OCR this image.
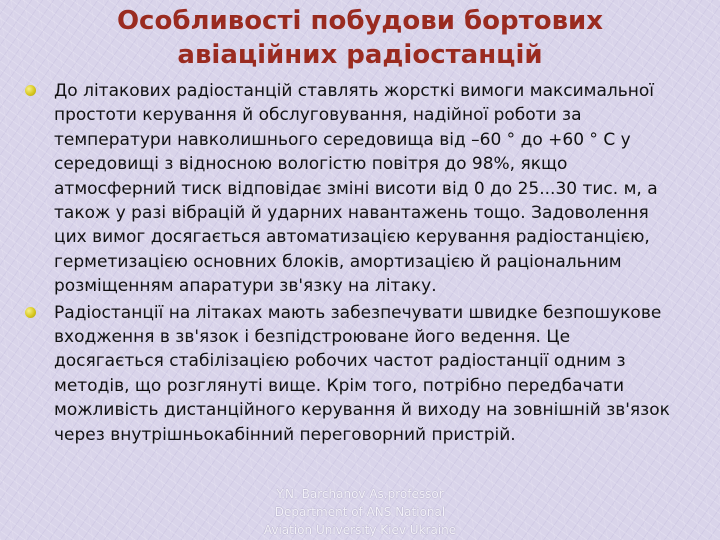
Особливості побудови бортових
авіаційних радіостанцій
До літакових радіостанцій ставлять жорсткі вимоги максимальної простоти керування й обслуговування, надійної роботи за температури навколишнього середовища від –60 ° до +60 ° С у середовищі з відносною вологістю повітря до 98%, якщо атмосферний тиск відповідає зміні висоти від 0 до 25...30 тис. м, а також у разі вібрацій й ударних навантажень тощо. Задоволення цих вимог досягається автоматизацією керування радіостанцією, герметизацією основних блоків, амортизацією й раціональним розміщенням апаратури зв'язку на літаку.
Радіостанції на літаках мають забезпечувати швидке безпошукове входження в зв'язок і безпідстроюване його ведення. Це досягається стабілізацією робочих частот радіостанції одним з методів, що розглянуті вище. Крім того, потрібно передбачати можливість дистанційного керування й виходу на зовнішній зв'язок через внутрішньокабінний переговорний пристрій.
Y.N. Barchanov As.professor
Department of ANS National
Aviation University Kiev Ukraine
